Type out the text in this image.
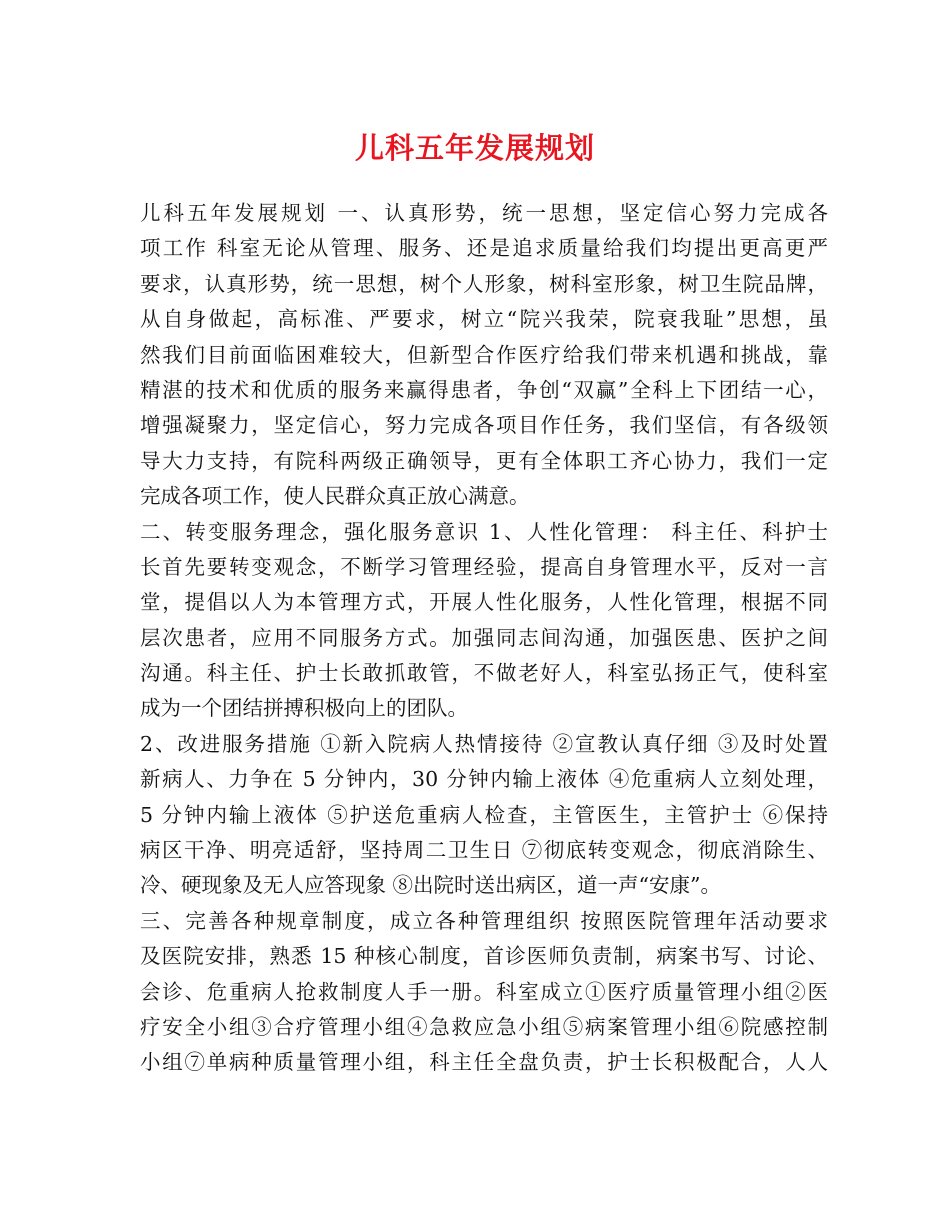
儿科五年发展规划
儿科五年发展规划 一、认真形势，统一思想，坚定信心努力完成各
项工作 科室无论从管理、服务、还是追求质量给我们均提出更高更严
要求，认真形势，统一思想，树个人形象，树科室形象，树卫生院品牌，
从自身做起，高标准、严要求，树立“院兴我荣，院衰我耻”思想，虽
然我们目前面临困难较大，但新型合作医疗给我们带来机遇和挑战，靠
精湛的技术和优质的服务来赢得患者，争创“双赢”全科上下团结一心，
增强凝聚力，坚定信心，努力完成各项目作任务，我们坚信，有各级领
导大力支持，有院科两级正确领导，更有全体职工齐心协力，我们一定
完成各项工作，使人民群众真正放心满意。
二、转变服务理念，强化服务意识 1、人性化管理： 科主任、科护士
长首先要转变观念，不断学习管理经验，提高自身管理水平，反对一言
堂，提倡以人为本管理方式，开展人性化服务，人性化管理，根据不同
层次患者，应用不同服务方式。加强同志间沟通，加强医患、医护之间
沟通。科主任、护士长敢抓敢管，不做老好人，科室弘扬正气，使科室
成为一个团结拼搏积极向上的团队。
2、改进服务措施 ①新入院病人热情接待 ②宣教认真仔细 ③及时处置
新病人、力争在 5 分钟内，30 分钟内输上液体 ④危重病人立刻处理，
5 分钟内输上液体 ⑤护送危重病人检查，主管医生，主管护士 ⑥保持
病区干净、明亮适舒，坚持周二卫生日 ⑦彻底转变观念，彻底消除生、
冷、硬现象及无人应答现象 ⑧出院时送出病区，道一声“安康”。
三、完善各种规章制度，成立各种管理组织 按照医院管理年活动要求
及医院安排，熟悉 15 种核心制度，首诊医师负责制，病案书写、讨论、
会诊、危重病人抢救制度人手一册。科室成立①医疗质量管理小组②医
疗安全小组③合疗管理小组④急救应急小组⑤病案管理小组⑥院感控制
小组⑦单病种质量管理小组，科主任全盘负责，护士长积极配合，人人
